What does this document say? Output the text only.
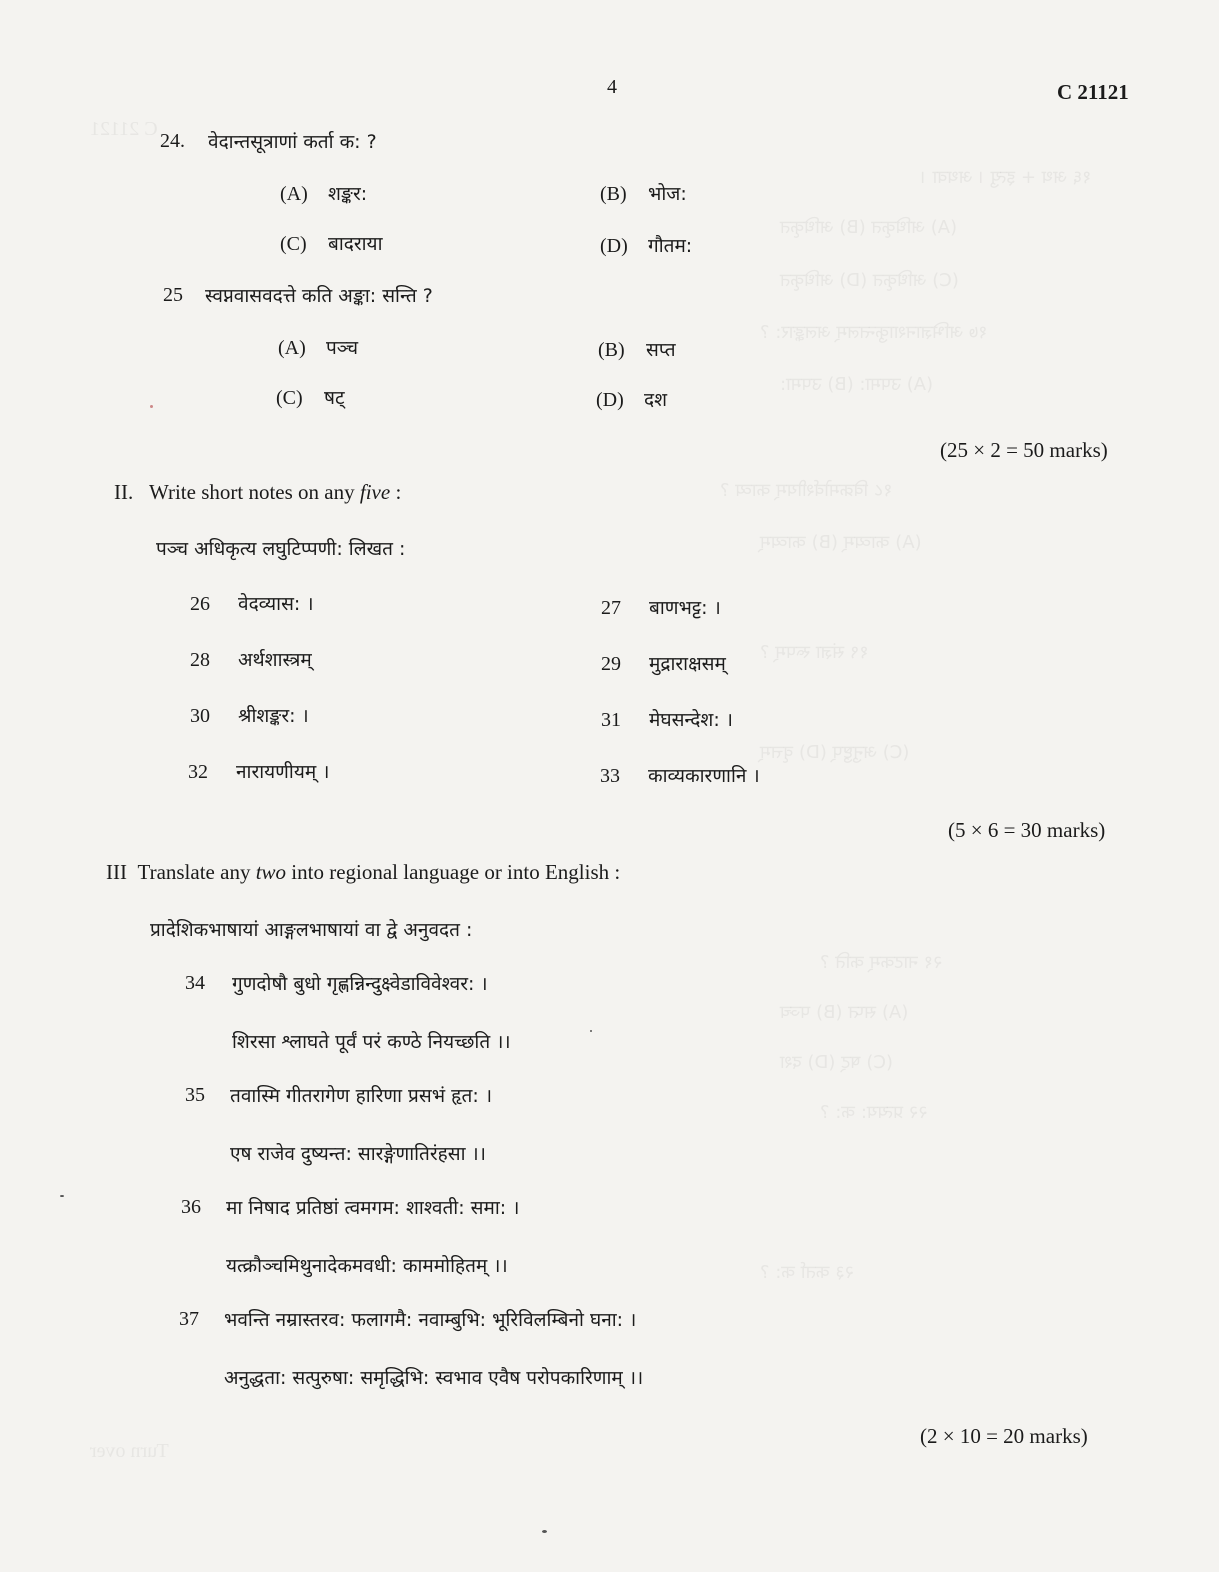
१६ अथ + इत्यु । अथवा ।
(A) अधिकृत (B) अधिकृत
(C) अधिकृत (D) अधिकृत
१७ अभिज्ञानशाकुन्तलम् अलङ्कार: ?
(A) उपमा: (B) उपमा:
१८ विक्रमोर्वशीयम् काव्य ?
(A) काव्यम् (B) काव्यम्
१९ संज्ञा रूपम् ?
(C) अनुष्टुप् (D) वृत्तम्
२१ नाटकम् कति ?
(A) सप्त (B) पञ्च
(C) षट् (D) दश
२२ प्रत्यय: क: ?
२३ कर्ता क: ?
Turn over
C 21121
4	C 21121
24. वेदान्तसूत्राणां कर्ता क: ?
(A) शङ्कर:	(B) भोज:
(C) बादराया	(D) गौतम:
25 स्वप्नवासवदत्ते कति अङ्का: सन्ति ?
(A) पञ्च	(B) सप्त
(C) षट्	(D) दश
(25 × 2 = 50 marks)
II. Write short notes on any five :
पञ्च अधिकृत्य लघुटिप्पणी: लिखत :
26 वेदव्यास: ।	27 बाणभट्ट: ।
28 अर्थशास्त्रम्	29 मुद्राराक्षसम्
30 श्रीशङ्कर: ।	31 मेघसन्देश: ।
32 नारायणीयम् ।	33 काव्यकारणानि ।
(5 × 6 = 30 marks)
III Translate any two into regional language or into English :
प्रादेशिकभाषायां आङ्गलभाषायां वा द्वे अनुवदत :
34 गुणदोषौ बुधो गृह्णन्निन्दुक्ष्वेडाविवेश्वर: ।
शिरसा श्लाघते पूर्वं परं कण्ठे नियच्छति ।।
35 तवास्मि गीतरागेण हारिणा प्रसभं हृत: ।
एष राजेव दुष्यन्त: सारङ्गेणातिरंहसा ।।
36 मा निषाद प्रतिष्ठां त्वमगम: शाश्वती: समा: ।
यत्क्रौञ्चमिथुनादेकमवधी: काममोहितम् ।।
37 भवन्ति नम्रास्तरव: फलागमै: नवाम्बुभि: भूरिविलम्बिनो घना: ।
अनुद्धता: सत्पुरुषा: समृद्धिभि: स्वभाव एवैष परोपकारिणाम् ।।
(2 × 10 = 20 marks)
